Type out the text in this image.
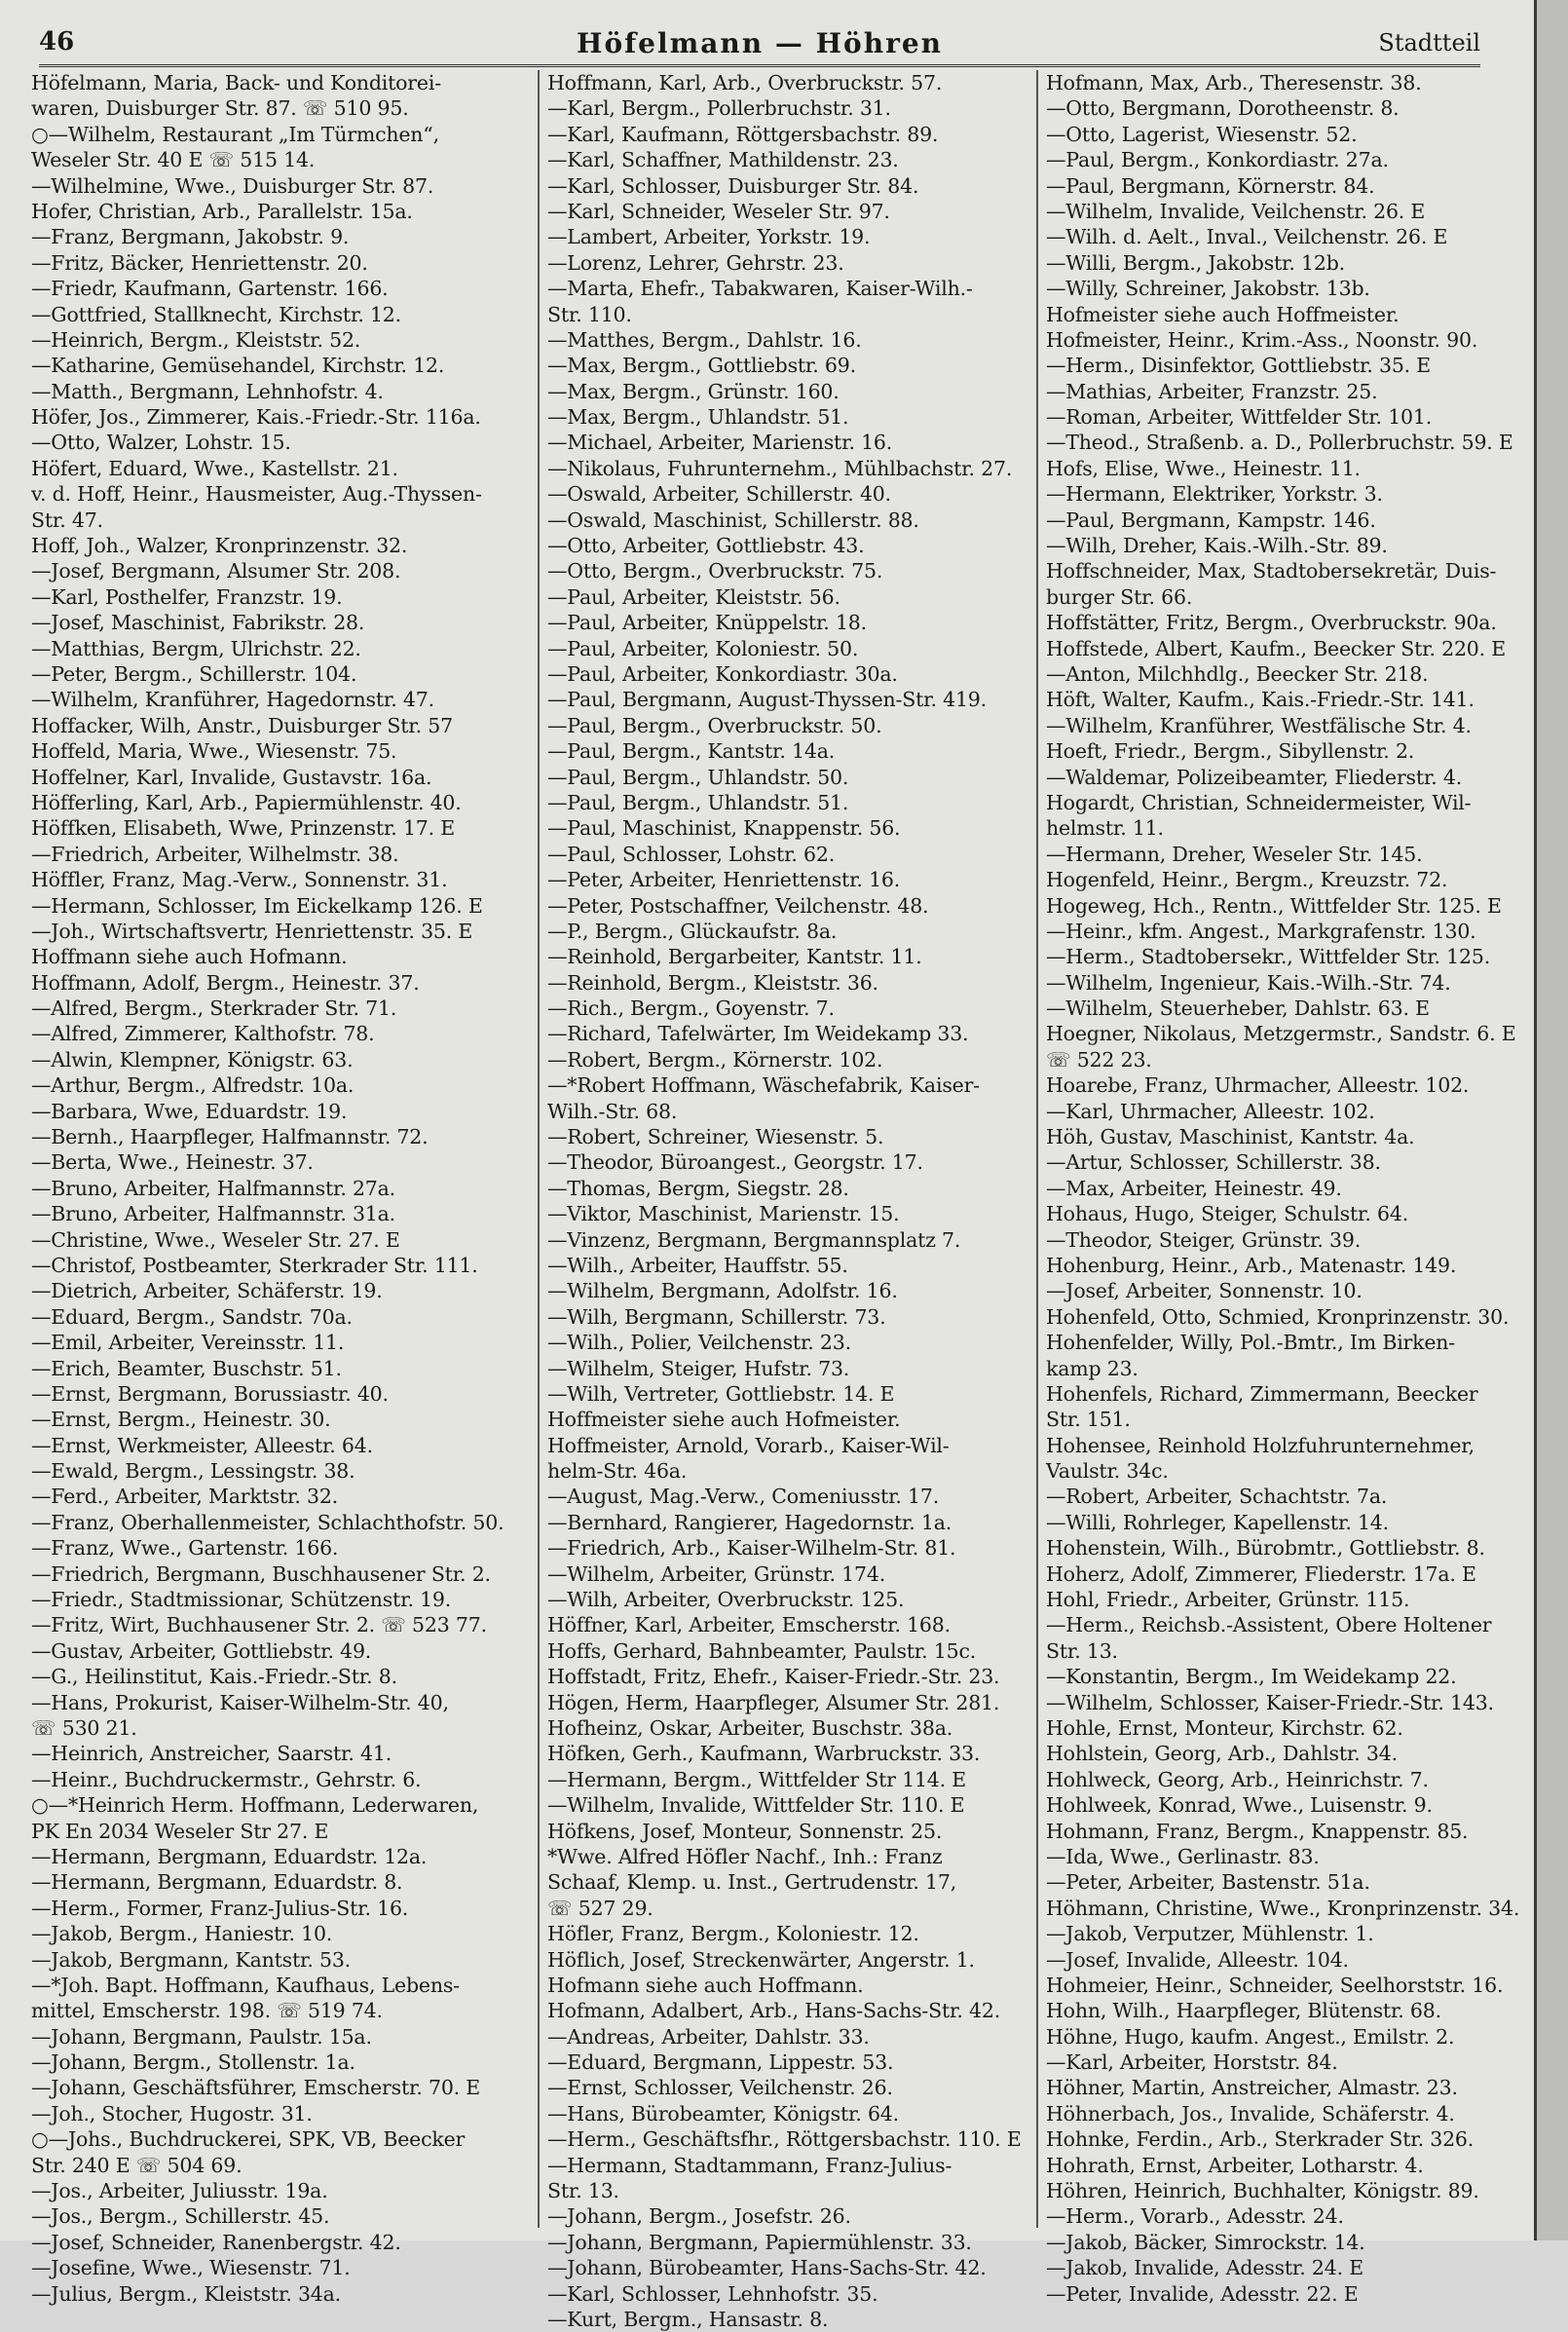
46	Höfelmann — Höhren	Stadtteil
Höfelmann, Maria, Back- und Konditorei-
waren, Duisburger Str. 87. ☏ 510 95.
○—Wilhelm, Restaurant „Im Türmchen“,
Weseler Str. 40 E ☏ 515 14.
—Wilhelmine, Wwe., Duisburger Str. 87.
Hofer, Christian, Arb., Parallelstr. 15a.
—Franz, Bergmann, Jakobstr. 9.
—Fritz, Bäcker, Henriettenstr. 20.
—Friedr, Kaufmann, Gartenstr. 166.
—Gottfried, Stallknecht, Kirchstr. 12.
—Heinrich, Bergm., Kleiststr. 52.
—Katharine, Gemüsehandel, Kirchstr. 12.
—Matth., Bergmann, Lehnhofstr. 4.
Höfer, Jos., Zimmerer, Kais.-Friedr.-Str. 116a.
—Otto, Walzer, Lohstr. 15.
Höfert, Eduard, Wwe., Kastellstr. 21.
v. d. Hoff, Heinr., Hausmeister, Aug.-Thyssen-
Str. 47.
Hoff, Joh., Walzer, Kronprinzenstr. 32.
—Josef, Bergmann, Alsumer Str. 208.
—Karl, Posthelfer, Franzstr. 19.
—Josef, Maschinist, Fabrikstr. 28.
—Matthias, Bergm, Ulrichstr. 22.
—Peter, Bergm., Schillerstr. 104.
—Wilhelm, Kranführer, Hagedornstr. 47.
Hoffacker, Wilh, Anstr., Duisburger Str. 57
Hoffeld, Maria, Wwe., Wiesenstr. 75.
Hoffelner, Karl, Invalide, Gustavstr. 16a.
Höfferling, Karl, Arb., Papiermühlenstr. 40.
Höffken, Elisabeth, Wwe, Prinzenstr. 17. E
—Friedrich, Arbeiter, Wilhelmstr. 38.
Höffler, Franz, Mag.-Verw., Sonnenstr. 31.
—Hermann, Schlosser, Im Eickelkamp 126. E
—Joh., Wirtschaftsvertr, Henriettenstr. 35. E
Hoffmann siehe auch Hofmann.
Hoffmann, Adolf, Bergm., Heinestr. 37.
—Alfred, Bergm., Sterkrader Str. 71.
—Alfred, Zimmerer, Kalthofstr. 78.
—Alwin, Klempner, Königstr. 63.
—Arthur, Bergm., Alfredstr. 10a.
—Barbara, Wwe, Eduardstr. 19.
—Bernh., Haarpfleger, Halfmannstr. 72.
—Berta, Wwe., Heinestr. 37.
—Bruno, Arbeiter, Halfmannstr. 27a.
—Bruno, Arbeiter, Halfmannstr. 31a.
—Christine, Wwe., Weseler Str. 27. E
—Christof, Postbeamter, Sterkrader Str. 111.
—Dietrich, Arbeiter, Schäferstr. 19.
—Eduard, Bergm., Sandstr. 70a.
—Emil, Arbeiter, Vereinsstr. 11.
—Erich, Beamter, Buschstr. 51.
—Ernst, Bergmann, Borussiastr. 40.
—Ernst, Bergm., Heinestr. 30.
—Ernst, Werkmeister, Alleestr. 64.
—Ewald, Bergm., Lessingstr. 38.
—Ferd., Arbeiter, Marktstr. 32.
—Franz, Oberhallenmeister, Schlachthofstr. 50.
—Franz, Wwe., Gartenstr. 166.
—Friedrich, Bergmann, Buschhausener Str. 2.
—Friedr., Stadtmissionar, Schützenstr. 19.
—Fritz, Wirt, Buchhausener Str. 2. ☏ 523 77.
—Gustav, Arbeiter, Gottliebstr. 49.
—G., Heilinstitut, Kais.-Friedr.-Str. 8.
—Hans, Prokurist, Kaiser-Wilhelm-Str. 40,
☏ 530 21.
—Heinrich, Anstreicher, Saarstr. 41.
—Heinr., Buchdruckermstr., Gehrstr. 6.
○—*Heinrich Herm. Hoffmann, Lederwaren,
PK En 2034 Weseler Str 27. E
—Hermann, Bergmann, Eduardstr. 12a.
—Hermann, Bergmann, Eduardstr. 8.
—Herm., Former, Franz-Julius-Str. 16.
—Jakob, Bergm., Haniestr. 10.
—Jakob, Bergmann, Kantstr. 53.
—*Joh. Bapt. Hoffmann, Kaufhaus, Lebens-
mittel, Emscherstr. 198. ☏ 519 74.
—Johann, Bergmann, Paulstr. 15a.
—Johann, Bergm., Stollenstr. 1a.
—Johann, Geschäftsführer, Emscherstr. 70. E
—Joh., Stocher, Hugostr. 31.
○—Johs., Buchdruckerei, SPK, VB, Beecker
Str. 240 E ☏ 504 69.
—Jos., Arbeiter, Juliusstr. 19a.
—Jos., Bergm., Schillerstr. 45.
—Josef, Schneider, Ranenbergstr. 42.
—Josefine, Wwe., Wiesenstr. 71.
—Julius, Bergm., Kleiststr. 34a.
Hoffmann, Karl, Arb., Overbruckstr. 57.
—Karl, Bergm., Pollerbruchstr. 31.
—Karl, Kaufmann, Röttgersbachstr. 89.
—Karl, Schaffner, Mathildenstr. 23.
—Karl, Schlosser, Duisburger Str. 84.
—Karl, Schneider, Weseler Str. 97.
—Lambert, Arbeiter, Yorkstr. 19.
—Lorenz, Lehrer, Gehrstr. 23.
—Marta, Ehefr., Tabakwaren, Kaiser-Wilh.-
Str. 110.
—Matthes, Bergm., Dahlstr. 16.
—Max, Bergm., Gottliebstr. 69.
—Max, Bergm., Grünstr. 160.
—Max, Bergm., Uhlandstr. 51.
—Michael, Arbeiter, Marienstr. 16.
—Nikolaus, Fuhrunternehm., Mühlbachstr. 27.
—Oswald, Arbeiter, Schillerstr. 40.
—Oswald, Maschinist, Schillerstr. 88.
—Otto, Arbeiter, Gottliebstr. 43.
—Otto, Bergm., Overbruckstr. 75.
—Paul, Arbeiter, Kleiststr. 56.
—Paul, Arbeiter, Knüppelstr. 18.
—Paul, Arbeiter, Koloniestr. 50.
—Paul, Arbeiter, Konkordiastr. 30a.
—Paul, Bergmann, August-Thyssen-Str. 419.
—Paul, Bergm., Overbruckstr. 50.
—Paul, Bergm., Kantstr. 14a.
—Paul, Bergm., Uhlandstr. 50.
—Paul, Bergm., Uhlandstr. 51.
—Paul, Maschinist, Knappenstr. 56.
—Paul, Schlosser, Lohstr. 62.
—Peter, Arbeiter, Henriettenstr. 16.
—Peter, Postschaffner, Veilchenstr. 48.
—P., Bergm., Glückaufstr. 8a.
—Reinhold, Bergarbeiter, Kantstr. 11.
—Reinhold, Bergm., Kleiststr. 36.
—Rich., Bergm., Goyenstr. 7.
—Richard, Tafelwärter, Im Weidekamp 33.
—Robert, Bergm., Körnerstr. 102.
—*Robert Hoffmann, Wäschefabrik, Kaiser-
Wilh.-Str. 68.
—Robert, Schreiner, Wiesenstr. 5.
—Theodor, Büroangest., Georgstr. 17.
—Thomas, Bergm, Siegstr. 28.
—Viktor, Maschinist, Marienstr. 15.
—Vinzenz, Bergmann, Bergmannsplatz 7.
—Wilh., Arbeiter, Hauffstr. 55.
—Wilhelm, Bergmann, Adolfstr. 16.
—Wilh, Bergmann, Schillerstr. 73.
—Wilh., Polier, Veilchenstr. 23.
—Wilhelm, Steiger, Hufstr. 73.
—Wilh, Vertreter, Gottliebstr. 14. E
Hoffmeister siehe auch Hofmeister.
Hoffmeister, Arnold, Vorarb., Kaiser-Wil-
helm-Str. 46a.
—August, Mag.-Verw., Comeniusstr. 17.
—Bernhard, Rangierer, Hagedornstr. 1a.
—Friedrich, Arb., Kaiser-Wilhelm-Str. 81.
—Wilhelm, Arbeiter, Grünstr. 174.
—Wilh, Arbeiter, Overbruckstr. 125.
Höffner, Karl, Arbeiter, Emscherstr. 168.
Hoffs, Gerhard, Bahnbeamter, Paulstr. 15c.
Hoffstadt, Fritz, Ehefr., Kaiser-Friedr.-Str. 23.
Högen, Herm, Haarpfleger, Alsumer Str. 281.
Hofheinz, Oskar, Arbeiter, Buschstr. 38a.
Höfken, Gerh., Kaufmann, Warbruckstr. 33.
—Hermann, Bergm., Wittfelder Str 114. E
—Wilhelm, Invalide, Wittfelder Str. 110. E
Höfkens, Josef, Monteur, Sonnenstr. 25.
*Wwe. Alfred Höfler Nachf., Inh.: Franz
Schaaf, Klemp. u. Inst., Gertrudenstr. 17,
☏ 527 29.
Höfler, Franz, Bergm., Koloniestr. 12.
Höflich, Josef, Streckenwärter, Angerstr. 1.
Hofmann siehe auch Hoffmann.
Hofmann, Adalbert, Arb., Hans-Sachs-Str. 42.
—Andreas, Arbeiter, Dahlstr. 33.
—Eduard, Bergmann, Lippestr. 53.
—Ernst, Schlosser, Veilchenstr. 26.
—Hans, Bürobeamter, Königstr. 64.
—Herm., Geschäftsfhr., Röttgersbachstr. 110. E
—Hermann, Stadtammann, Franz-Julius-
Str. 13.
—Johann, Bergm., Josefstr. 26.
—Johann, Bergmann, Papiermühlenstr. 33.
—Johann, Bürobeamter, Hans-Sachs-Str. 42.
—Karl, Schlosser, Lehnhofstr. 35.
—Kurt, Bergm., Hansastr. 8.
Hofmann, Max, Arb., Theresenstr. 38.
—Otto, Bergmann, Dorotheenstr. 8.
—Otto, Lagerist, Wiesenstr. 52.
—Paul, Bergm., Konkordiastr. 27a.
—Paul, Bergmann, Körnerstr. 84.
—Wilhelm, Invalide, Veilchenstr. 26. E
—Wilh. d. Aelt., Inval., Veilchenstr. 26. E
—Willi, Bergm., Jakobstr. 12b.
—Willy, Schreiner, Jakobstr. 13b.
Hofmeister siehe auch Hoffmeister.
Hofmeister, Heinr., Krim.-Ass., Noonstr. 90.
—Herm., Disinfektor, Gottliebstr. 35. E
—Mathias, Arbeiter, Franzstr. 25.
—Roman, Arbeiter, Wittfelder Str. 101.
—Theod., Straßenb. a. D., Pollerbruchstr. 59. E
Hofs, Elise, Wwe., Heinestr. 11.
—Hermann, Elektriker, Yorkstr. 3.
—Paul, Bergmann, Kampstr. 146.
—Wilh, Dreher, Kais.-Wilh.-Str. 89.
Hoffschneider, Max, Stadtobersekretär, Duis-
burger Str. 66.
Hoffstätter, Fritz, Bergm., Overbruckstr. 90a.
Hoffstede, Albert, Kaufm., Beecker Str. 220. E
—Anton, Milchhdlg., Beecker Str. 218.
Höft, Walter, Kaufm., Kais.-Friedr.-Str. 141.
—Wilhelm, Kranführer, Westfälische Str. 4.
Hoeft, Friedr., Bergm., Sibyllenstr. 2.
—Waldemar, Polizeibeamter, Fliederstr. 4.
Hogardt, Christian, Schneidermeister, Wil-
helmstr. 11.
—Hermann, Dreher, Weseler Str. 145.
Hogenfeld, Heinr., Bergm., Kreuzstr. 72.
Hogeweg, Hch., Rentn., Wittfelder Str. 125. E
—Heinr., kfm. Angest., Markgrafenstr. 130.
—Herm., Stadtobersekr., Wittfelder Str. 125.
—Wilhelm, Ingenieur, Kais.-Wilh.-Str. 74.
—Wilhelm, Steuerheber, Dahlstr. 63. E
Hoegner, Nikolaus, Metzgermstr., Sandstr. 6. E
☏ 522 23.
Hoarebe, Franz, Uhrmacher, Alleestr. 102.
—Karl, Uhrmacher, Alleestr. 102.
Höh, Gustav, Maschinist, Kantstr. 4a.
—Artur, Schlosser, Schillerstr. 38.
—Max, Arbeiter, Heinestr. 49.
Hohaus, Hugo, Steiger, Schulstr. 64.
—Theodor, Steiger, Grünstr. 39.
Hohenburg, Heinr., Arb., Matenastr. 149.
—Josef, Arbeiter, Sonnenstr. 10.
Hohenfeld, Otto, Schmied, Kronprinzenstr. 30.
Hohenfelder, Willy, Pol.-Bmtr., Im Birken-
kamp 23.
Hohenfels, Richard, Zimmermann, Beecker
Str. 151.
Hohensee, Reinhold Holzfuhrunternehmer,
Vaulstr. 34c.
—Robert, Arbeiter, Schachtstr. 7a.
—Willi, Rohrleger, Kapellenstr. 14.
Hohenstein, Wilh., Bürobmtr., Gottliebstr. 8.
Hoherz, Adolf, Zimmerer, Fliederstr. 17a. E
Hohl, Friedr., Arbeiter, Grünstr. 115.
—Herm., Reichsb.-Assistent, Obere Holtener
Str. 13.
—Konstantin, Bergm., Im Weidekamp 22.
—Wilhelm, Schlosser, Kaiser-Friedr.-Str. 143.
Hohle, Ernst, Monteur, Kirchstr. 62.
Hohlstein, Georg, Arb., Dahlstr. 34.
Hohlweck, Georg, Arb., Heinrichstr. 7.
Hohlweek, Konrad, Wwe., Luisenstr. 9.
Hohmann, Franz, Bergm., Knappenstr. 85.
—Ida, Wwe., Gerlinastr. 83.
—Peter, Arbeiter, Bastenstr. 51a.
Höhmann, Christine, Wwe., Kronprinzenstr. 34.
—Jakob, Verputzer, Mühlenstr. 1.
—Josef, Invalide, Alleestr. 104.
Hohmeier, Heinr., Schneider, Seelhorststr. 16.
Hohn, Wilh., Haarpfleger, Blütenstr. 68.
Höhne, Hugo, kaufm. Angest., Emilstr. 2.
—Karl, Arbeiter, Horststr. 84.
Höhner, Martin, Anstreicher, Almastr. 23.
Höhnerbach, Jos., Invalide, Schäferstr. 4.
Hohnke, Ferdin., Arb., Sterkrader Str. 326.
Hohrath, Ernst, Arbeiter, Lotharstr. 4.
Höhren, Heinrich, Buchhalter, Königstr. 89.
—Herm., Vorarb., Adesstr. 24.
—Jakob, Bäcker, Simrockstr. 14.
—Jakob, Invalide, Adesstr. 24. E
—Peter, Invalide, Adesstr. 22. E
